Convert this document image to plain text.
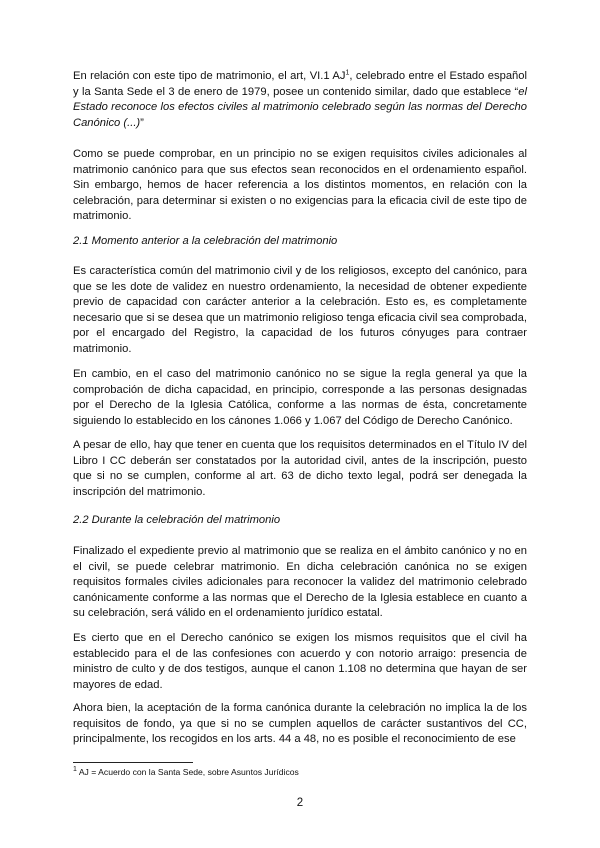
En relación con este tipo de matrimonio, el art, VI.1 $AJ^1$, celebrado entre el Estado español y la Santa Sede el 3 de enero de 1979, posee un contenido similar, dado que establece “el Estado reconoce los efectos civiles al matrimonio celebrado según las normas del Derecho Canónico (...)”

Como se puede comprobar, en un principio no se exigen requisitos civiles adicionales al matrimonio canónico para que sus efectos sean reconocidos en el ordenamiento español. Sin embargo, hemos de hacer referencia a los distintos momentos, en relación con la celebración, para determinar si existen o no exigencias para la eficacia civil de este tipo de matrimonio.

2.1 Momento anterior a la celebración del matrimonio

Es característica común del matrimonio civil y de los religiosos, excepto del canónico, para que se les dote de validez en nuestro ordenamiento, la necesidad de obtener expediente previo de capacidad con carácter anterior a la celebración. Esto es, es completamente necesario que si se desea que un matrimonio religioso tenga eficacia civil sea comprobada, por el encargado del Registro, la capacidad de los futuros cónyuges para contraer matrimonio.

En cambio, en el caso del matrimonio canónico no se sigue la regla general ya que la comprobación de dicha capacidad, en principio, corresponde a las personas designadas por el Derecho de la Iglesia Católica, conforme a las normas de ésta, concretamente siguiendo lo establecido en los cánones 1.066 y 1.067 del Código de Derecho Canónico.

A pesar de ello, hay que tener en cuenta que los requisitos determinados en el Título IV del Libro I CC deberán ser constatados por la autoridad civil, antes de la inscripción, puesto que si no se cumplen, conforme al art. 63 de dicho texto legal, podrá ser denegada la inscripción del matrimonio.

2.2 Durante la celebración del matrimonio

Finalizado el expediente previo al matrimonio que se realiza en el ámbito canónico y no en el civil, se puede celebrar matrimonio. En dicha celebración canónica no se exigen requisitos formales civiles adicionales para reconocer la validez del matrimonio celebrado canónicamente conforme a las normas que el Derecho de la Iglesia establece en cuanto a su celebración, será válido en el ordenamiento jurídico estatal.

Es cierto que en el Derecho canónico se exigen los mismos requisitos que el civil ha establecido para el de las confesiones con acuerdo y con notorio arraigo: presencia de ministro de culto y de dos testigos, aunque el canon 1.108 no determina que hayan de ser mayores de edad.

Ahora bien, la aceptación de la forma canónica durante la celebración no implica la de los requisitos de fondo, ya que si no se cumplen aquellos de carácter sustantivos del CC, principalmente, los recogidos en los arts. 44 a 48, no es posible el reconocimiento de ese

$^1$ AJ = Acuerdo con la Santa Sede, sobre Asuntos Jurídicos
2
